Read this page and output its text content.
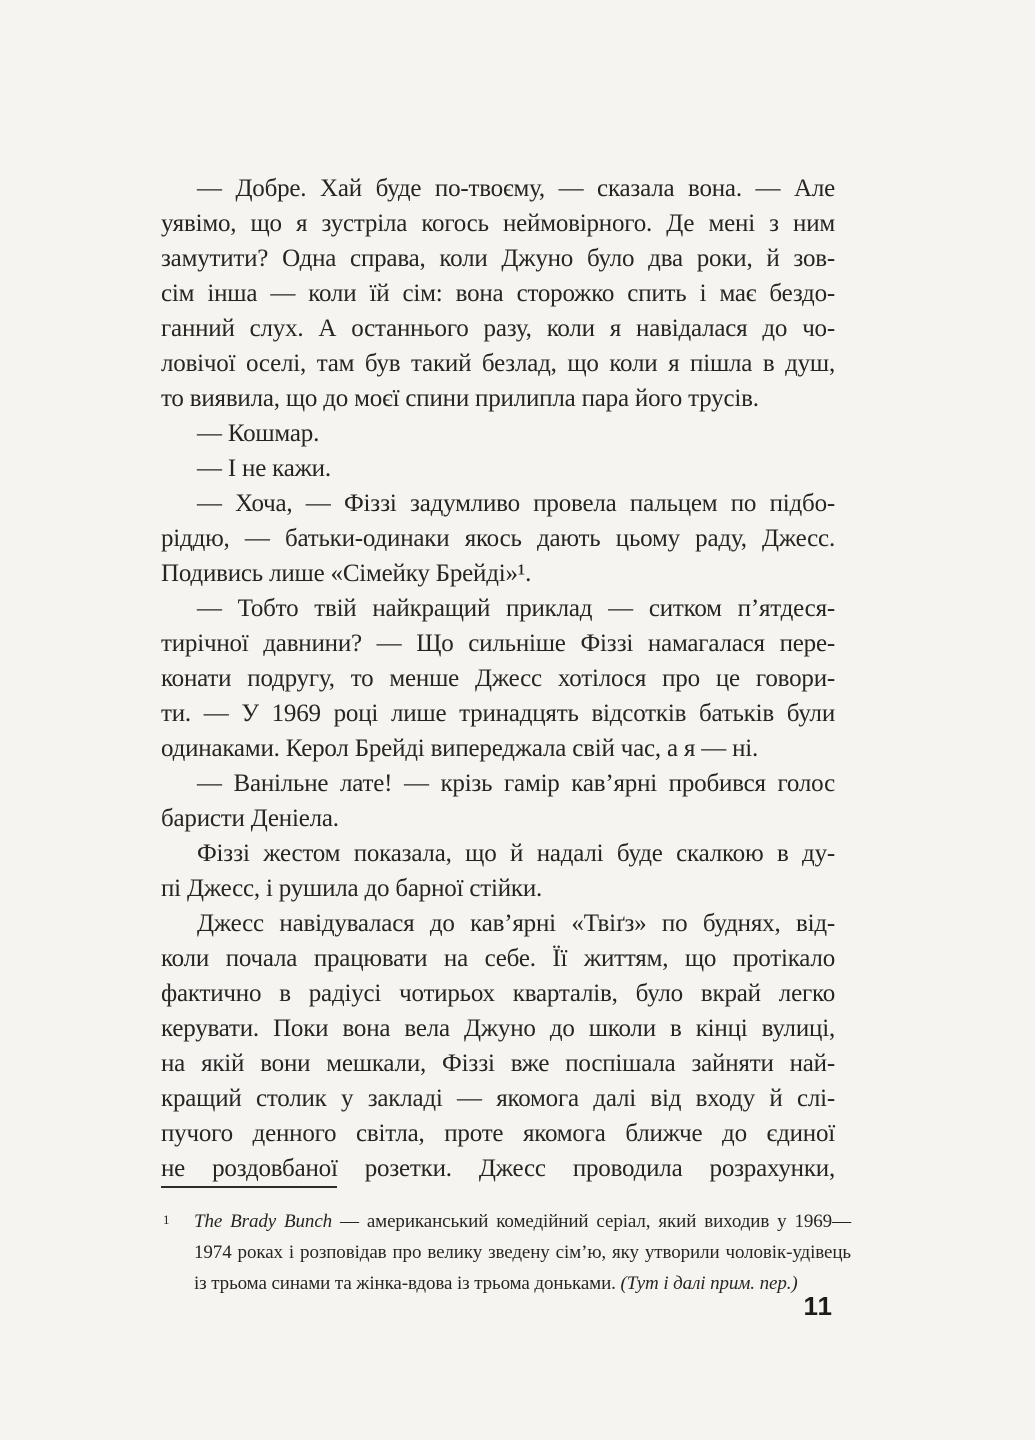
— Добре. Хай буде по-твоєму, — сказала вона. — Але
уявімо, що я зустріла когось неймовірного. Де мені з ним
замутити? Одна справа, коли Джуно було два роки, й зов-
сім інша — коли їй сім: вона сторожко спить і має бездо-
ганний слух. А останнього разу, коли я навідалася до чо-
ловічої оселі, там був такий безлад, що коли я пішла в душ,
то виявила, що до моєї спини прилипла пара його трусів.
— Кошмар.
— І не кажи.
— Хоча, — Фіззі задумливо провела пальцем по підбо-
ріддю, — батьки-одинаки якось дають цьому раду, Джесс.
Подивись лише «Сімейку Брейді»¹.
— Тобто твій найкращий приклад — ситком п’ятдеся-
тирічної давнини? — Що сильніше Фіззі намагалася пере-
конати подругу, то менше Джесс хотілося про це говори-
ти. — У 1969 році лише тринадцять відсотків батьків були
одинаками. Керол Брейді випереджала свій час, а я — ні.
— Ванільне лате! — крізь гамір кав’ярні пробився голос
баристи Деніела.
Фіззі жестом показала, що й надалі буде скалкою в ду-
пі Джесс, і рушила до барної стійки.
Джесс навідувалася до кав’ярні «Твіґз» по буднях, від-
коли почала працювати на себе. Її життям, що протікало
фактично в радіусі чотирьох кварталів, було вкрай легко
керувати. Поки вона вела Джуно до школи в кінці вулиці,
на якій вони мешкали, Фіззі вже поспішала зайняти най-
кращий столик у закладі — якомога далі від входу й слі-
пучого денного світла, проте якомога ближче до єдиної
не роздовбаної розетки. Джесс проводила розрахунки,
1 The Brady Bunch — американський комедійний серіал, який виходив у 1969—1974 роках і розповідав про велику зведену сім’ю, яку утворили чоловік-удівець із трьома синами та жінка-вдова із трьома доньками. (Тут і далі прим. пер.)
11
